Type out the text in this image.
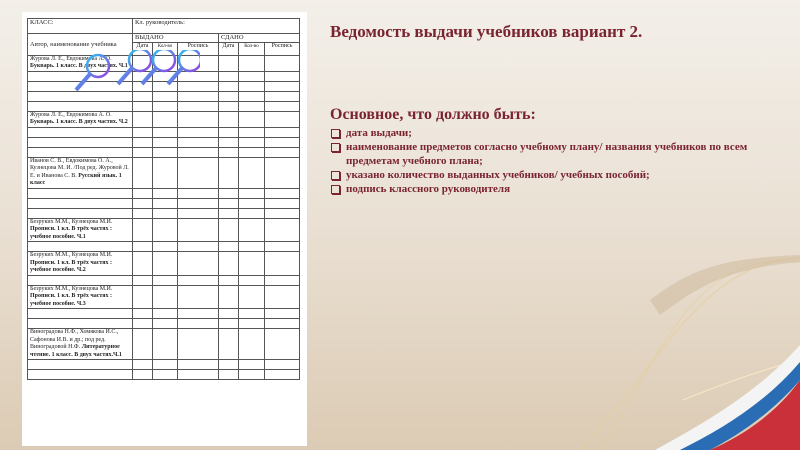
КЛАСС:	Кл. руководитель:					
Автор, наименование учебника	ВЫДАНО			СДАНО		
	Дата	Кол-во	Роспись	Дата	Кол-во	Роспись
Журова Л. Е., Евдокимова А. О. Букварь. 1 класс. В двух частях. Ч.1						

Журова Л. Е., Евдокимова А. О. Букварь. 1 класс. В двух частях. Ч.2						

Иванов С. В., Евдокимова О. А., Кузнецова М. И. /Под ред. Журовой Л. Е. и Иванова С. В. Русский язык. 1 класс						

Безруких М.М., Кузнецова М.И. Прописи. 1 кл. В трёх частях : учебное пособие. Ч.1						

Безруких М.М., Кузнецова М.И. Прописи. 1 кл. В трёх частях : учебное пособие. Ч.2						

Безруких М.М., Кузнецова М.И. Прописи. 1 кл. В трёх частях : учебное пособие. Ч.3						

Виноградова Н.Ф., Хомякова И.С., Сафонова И.В. и др.; под ред. Виноградовой Н.Ф. Литературное чтение. 1 класс. В двух частях.Ч.1						

Ведомость выдачи учебников вариант 2.
Основное, что должно быть:
дата выдачи;
наименование предметов согласно учебному плану/ названия учебников по всем предметам учебного плана;
указано количество выданных учебников/ учебных пособий;
подпись классного руководителя
